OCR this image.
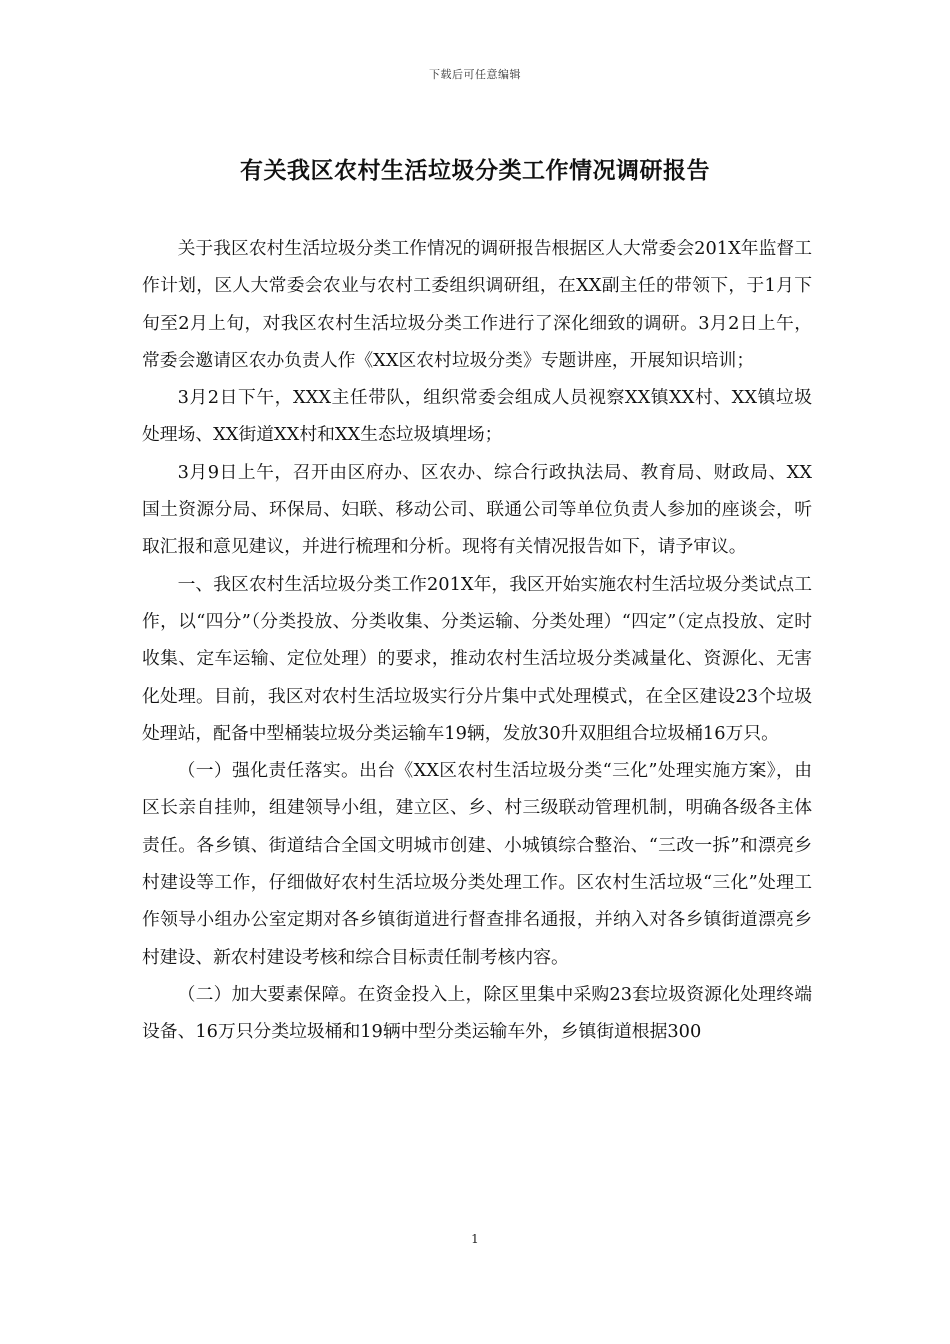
下载后可任意编辑
有关我区农村生活垃圾分类工作情况调研报告

关于我区农村生活垃圾分类工作情况的调研报告根据区人大常委会201X年监督工作计划，区人大常委会农业与农村工委组织调研组，在XX副主任的带领下，于1月下旬至2月上旬，对我区农村生活垃圾分类工作进行了深化细致的调研。3月2日上午，常委会邀请区农办负责人作《XX区农村垃圾分类》专题讲座，开展知识培训；

3月2日下午，XXX主任带队，组织常委会组成人员视察XX镇XX村、XX镇垃圾处理场、XX街道XX村和XX生态垃圾填埋场；

3月9日上午，召开由区府办、区农办、综合行政执法局、教育局、财政局、XX国土资源分局、环保局、妇联、移动公司、联通公司等单位负责人参加的座谈会，听取汇报和意见建议，并进行梳理和分析。现将有关情况报告如下，请予审议。

一、我区农村生活垃圾分类工作201X年，我区开始实施农村生活垃圾分类试点工作，以“四分”（分类投放、分类收集、分类运输、分类处理）“四定”（定点投放、定时收集、定车运输、定位处理）的要求，推动农村生活垃圾分类减量化、资源化、无害化处理。目前，我区对农村生活垃圾实行分片集中式处理模式，在全区建设23个垃圾处理站，配备中型桶装垃圾分类运输车19辆，发放30升双胆组合垃圾桶16万只。

（一）强化责任落实。出台《XX区农村生活垃圾分类“三化”处理实施方案》，由区长亲自挂帅，组建领导小组，建立区、乡、村三级联动管理机制，明确各级各主体责任。各乡镇、街道结合全国文明城市创建、小城镇综合整治、“三改一拆”和漂亮乡村建设等工作，仔细做好农村生活垃圾分类处理工作。区农村生活垃圾“三化”处理工作领导小组办公室定期对各乡镇街道进行督查排名通报，并纳入对各乡镇街道漂亮乡村建设、新农村建设考核和综合目标责任制考核内容。

（二）加大要素保障。在资金投入上，除区里集中采购23套垃圾资源化处理终端设备、16万只分类垃圾桶和19辆中型分类运输车外，乡镇街道根据300

1
